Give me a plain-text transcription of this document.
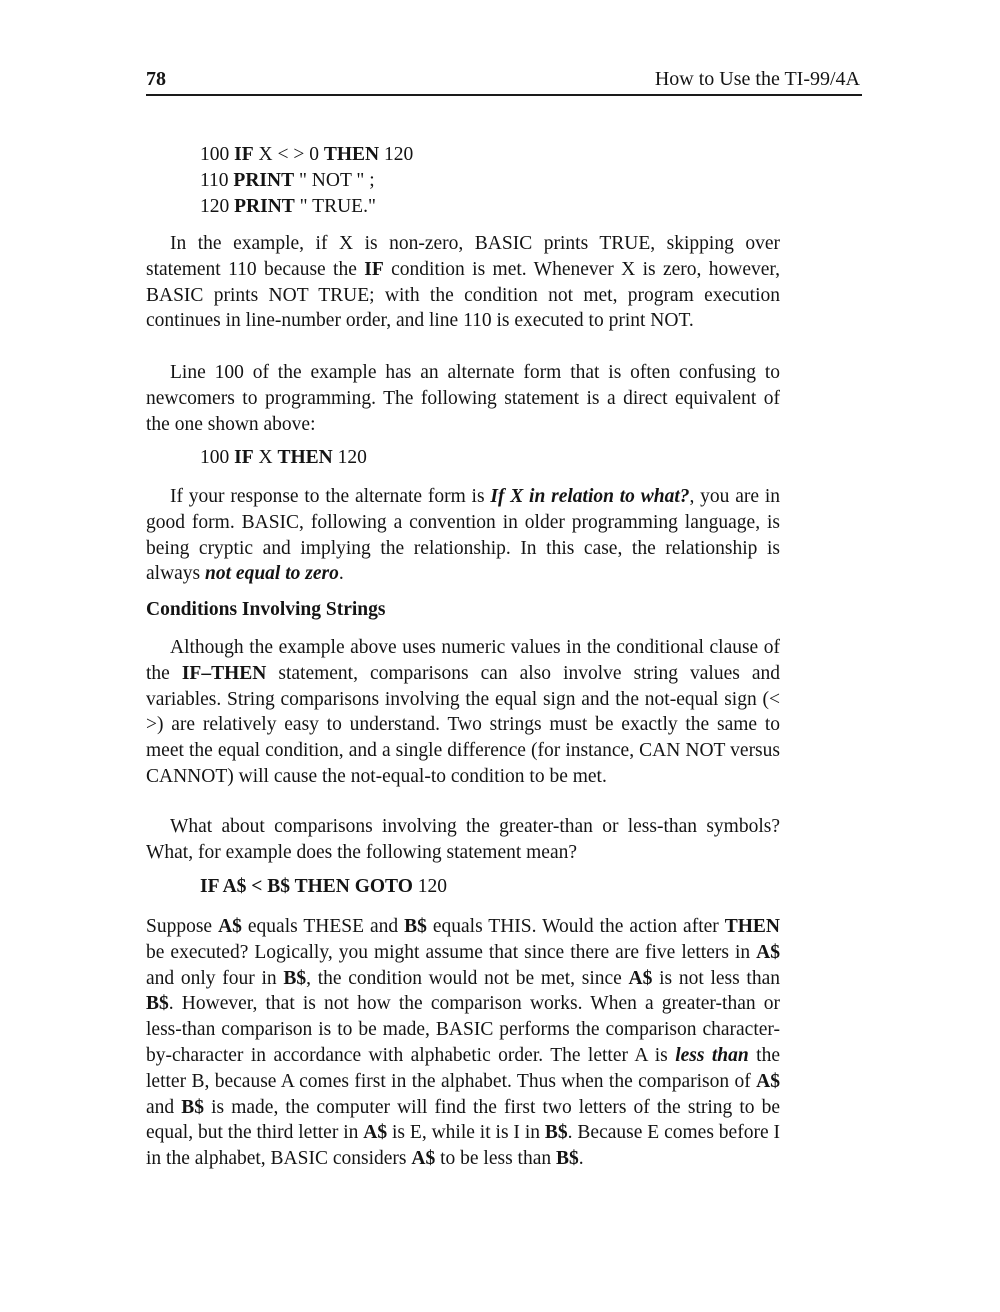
78	How to Use the TI-99/4A
100 IF X < > 0 THEN 120
110 PRINT " NOT " ;
120 PRINT " TRUE."

In the example, if X is non-zero, BASIC prints TRUE, skipping over statement 110 because the IF condition is met. Whenever X is zero, however, BASIC prints NOT TRUE; with the condition not met, program execution continues in line-number order, and line 110 is executed to print NOT.

Line 100 of the example has an alternate form that is often confusing to newcomers to programming. The following statement is a direct equivalent of the one shown above:

100 IF X THEN 120

If your response to the alternate form is If X in relation to what?, you are in good form. BASIC, following a convention in older programming language, is being cryptic and implying the relationship. In this case, the relationship is always not equal to zero.

Conditions Involving Strings

Although the example above uses numeric values in the conditional clause of the IF–THEN statement, comparisons can also involve string values and variables. String comparisons involving the equal sign and the not-equal sign (< >) are relatively easy to understand. Two strings must be exactly the same to meet the equal condition, and a single difference (for instance, CAN NOT versus CANNOT) will cause the not-equal-to condition to be met.

What about comparisons involving the greater-than or less-than symbols? What, for example does the following statement mean?

IF A$ < B$ THEN GOTO 120

Suppose A$ equals THESE and B$ equals THIS. Would the action after THEN be executed? Logically, you might assume that since there are five letters in A$ and only four in B$, the condition would not be met, since A$ is not less than B$. However, that is not how the comparison works. When a greater-than or less-than comparison is to be made, BASIC performs the comparison character-by-character in accordance with alphabetic order. The letter A is less than the letter B, because A comes first in the alphabet. Thus when the comparison of A$ and B$ is made, the computer will find the first two letters of the string to be equal, but the third letter in A$ is E, while it is I in B$. Because E comes before I in the alphabet, BASIC considers A$ to be less than B$.
